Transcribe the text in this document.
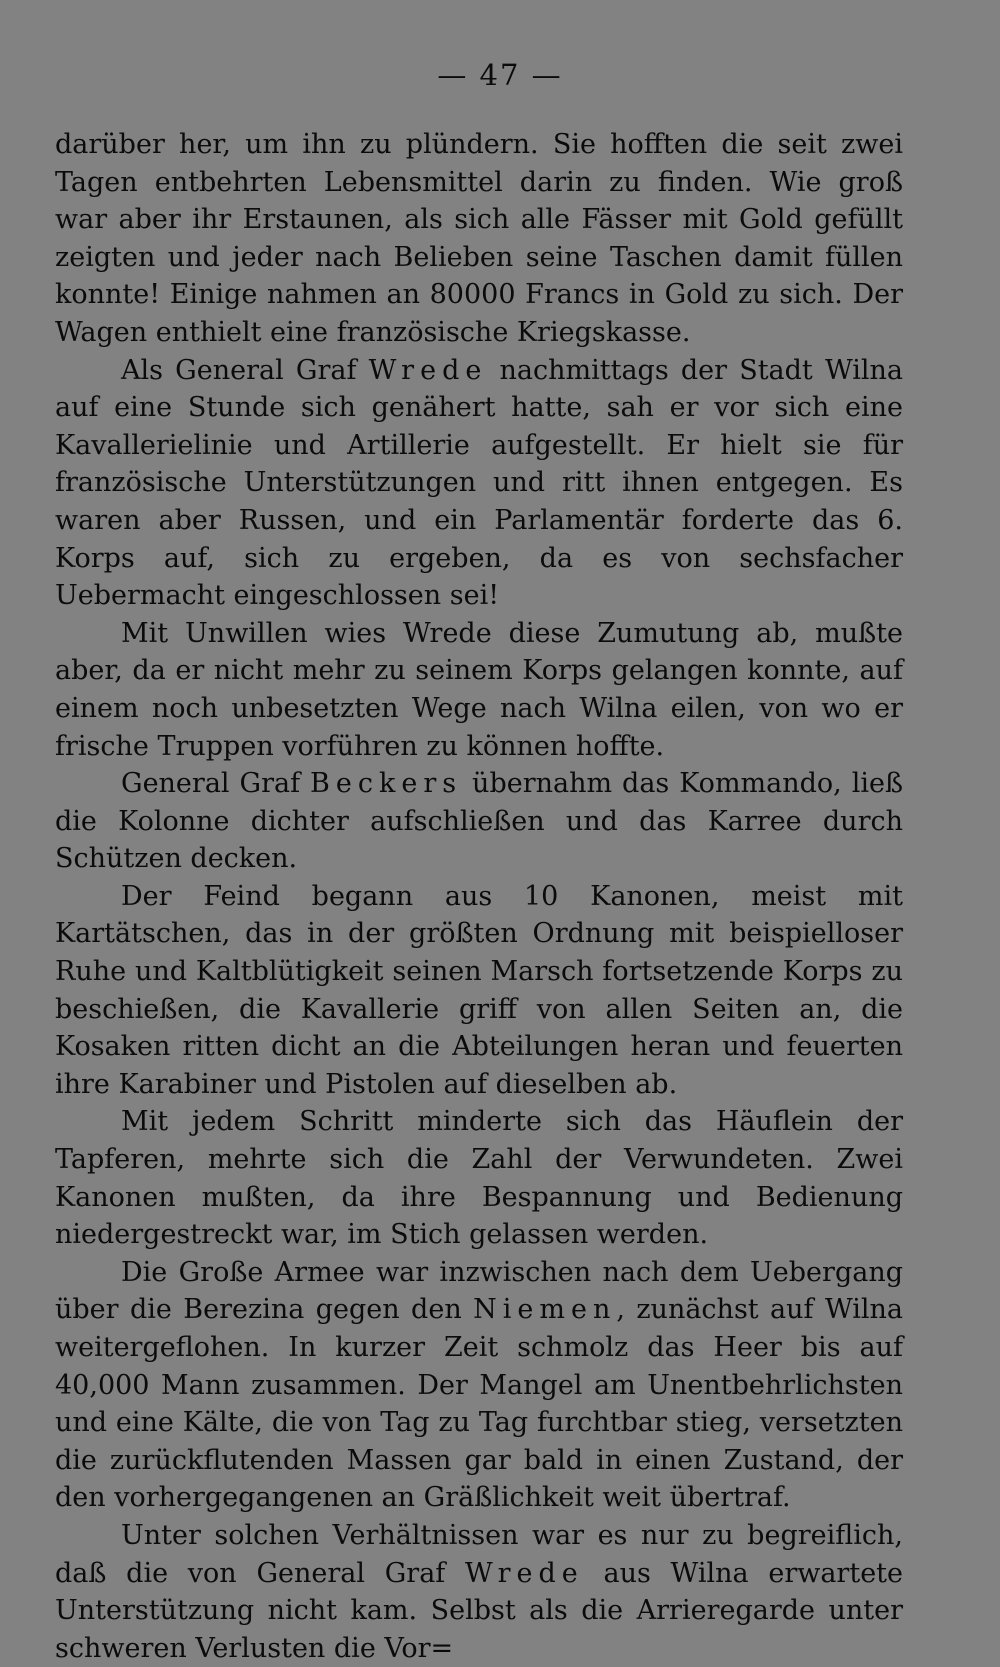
— 47 —

darüber her, um ihn zu plündern. Sie hofften die seit zwei Tagen entbehrten Lebensmittel darin zu finden. Wie groß war aber ihr Erstaunen, als sich alle Fässer mit Gold gefüllt zeigten und jeder nach Belieben seine Taschen damit füllen konnte! Einige nahmen an 80000 Francs in Gold zu sich. Der Wagen enthielt eine französische Kriegskasse.

Als General Graf Wrede nachmittags der Stadt Wilna auf eine Stunde sich genähert hatte, sah er vor sich eine Kavallerielinie und Artillerie aufgestellt. Er hielt sie für französische Unterstützungen und ritt ihnen entgegen. Es waren aber Russen, und ein Parlamentär forderte das 6. Korps auf, sich zu ergeben, da es von sechsfacher Uebermacht eingeschlossen sei!

Mit Unwillen wies Wrede diese Zumutung ab, mußte aber, da er nicht mehr zu seinem Korps gelangen konnte, auf einem noch unbesetzten Wege nach Wilna eilen, von wo er frische Truppen vorführen zu können hoffte.

General Graf Beckers übernahm das Kommando, ließ die Kolonne dichter aufschließen und das Karree durch Schützen decken.

Der Feind begann aus 10 Kanonen, meist mit Kartätschen, das in der größten Ordnung mit beispielloser Ruhe und Kaltblütigkeit seinen Marsch fortsetzende Korps zu beschießen, die Kavallerie griff von allen Seiten an, die Kosaken ritten dicht an die Abteilungen heran und feuerten ihre Karabiner und Pistolen auf dieselben ab.

Mit jedem Schritt minderte sich das Häuflein der Tapferen, mehrte sich die Zahl der Verwundeten. Zwei Kanonen mußten, da ihre Bespannung und Bedienung niedergestreckt war, im Stich gelassen werden.

Die Große Armee war inzwischen nach dem Uebergang über die Berezina gegen den Niemen, zunächst auf Wilna weitergeflohen. In kurzer Zeit schmolz das Heer bis auf 40,000 Mann zusammen. Der Mangel am Unentbehrlichsten und eine Kälte, die von Tag zu Tag furchtbar stieg, versetzten die zurückflutenden Massen gar bald in einen Zustand, der den vorhergegangenen an Gräßlichkeit weit übertraf.

Unter solchen Verhältnissen war es nur zu begreiflich, daß die von General Graf Wrede aus Wilna erwartete Unterstützung nicht kam. Selbst als die Arrieregarde unter schweren Verlusten die Vor=
